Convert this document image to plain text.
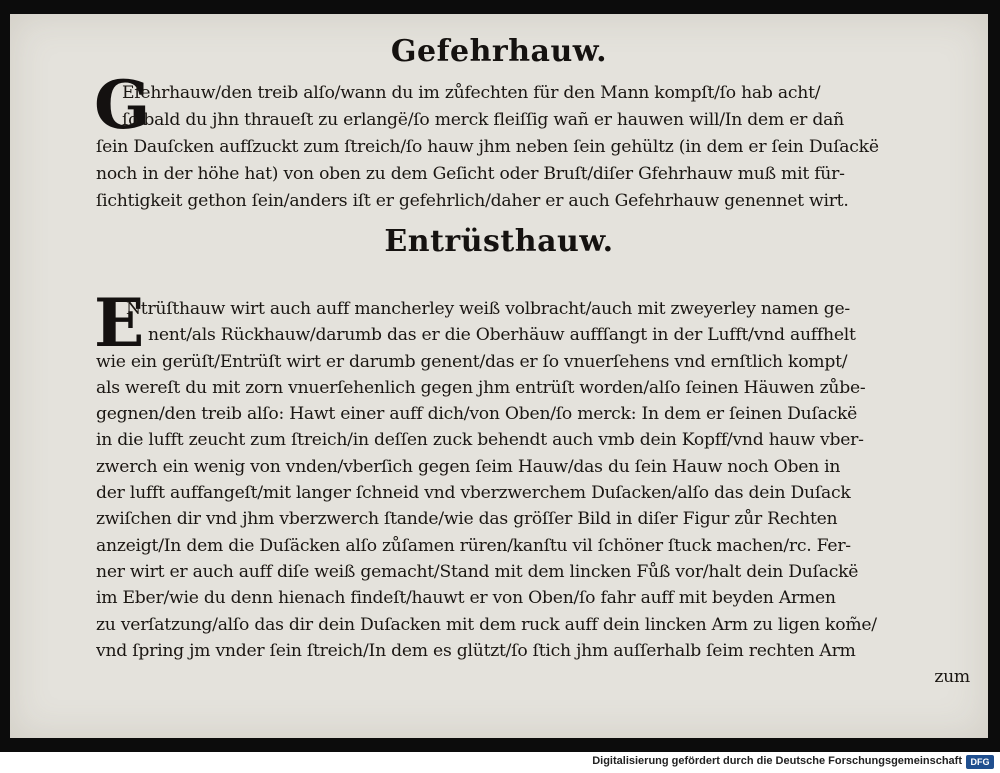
Gefehrhauw.
G
Efehrhauw/den treib alſo/wann du im zůfechten für den Mann kompſt/ſo hab acht/
ſo bald du jhn thraueſt zu erlangë/ſo merck fleiſſig wañ er hauwen will/In dem er dañ
ſein Dauſcken aufſzuckt zum ſtreich/ſo hauw jhm neben ſein gehültz (in dem er ſein Duſackë
noch in der höhe hat) von oben zu dem Geſicht oder Bruſt/diſer Gfehrhauw muß mit für-
ſichtigkeit gethon ſein/anders iſt er gefehrlich/daher er auch Gefehrhauw genennet wirt.
Entrüsthauw.
E
Ntrüſthauw wirt auch auff mancherley weiß volbracht/auch mit zweyerley namen ge-
nent/als Rückhauw/darumb das er die Oberhäuw auffſangt in der Lufft/vnd auffhelt
wie ein gerüſt/Entrüſt wirt er darumb genent/das er ſo vnuerſehens vnd ernſtlich kompt/
als wereſt du mit zorn vnuerſehenlich gegen jhm entrüſt worden/alſo ſeinen Häuwen zůbe-
gegnen/den treib alſo: Hawt einer auff dich/von Oben/ſo merck: In dem er ſeinen Duſackë
in die lufft zeucht zum ſtreich/in deſſen zuck behendt auch vmb dein Kopff/vnd hauw vber-
zwerch ein wenig von vnden/vberſich gegen ſeim Hauw/das du ſein Hauw noch Oben in
der lufft auffangeſt/mit langer ſchneid vnd vberzwerchem Duſacken/alſo das dein Duſack
zwiſchen dir vnd jhm vberzwerch ſtande/wie das gröſſer Bild in diſer Figur zůr Rechten
anzeigt/In dem die Duſäcken alſo zůſamen rüren/kanſtu vil ſchöner ſtuck machen/rc. Fer-
ner wirt er auch auff diſe weiß gemacht/Stand mit dem lincken Fůß vor/halt dein Duſackë
im Eber/wie du denn hienach findeſt/hauwt er von Oben/ſo fahr auff mit beyden Armen
zu verſatzung/alſo das dir dein Duſacken mit dem ruck auff dein lincken Arm zu ligen kom̃e/
vnd ſpring jm vnder ſein ſtreich/In dem es glützt/ſo ſtich jhm auſſerhalb ſeim rechten Arm
zum
Digitalisierung gefördert durch die Deutsche Forschungsgemeinschaft DFG
